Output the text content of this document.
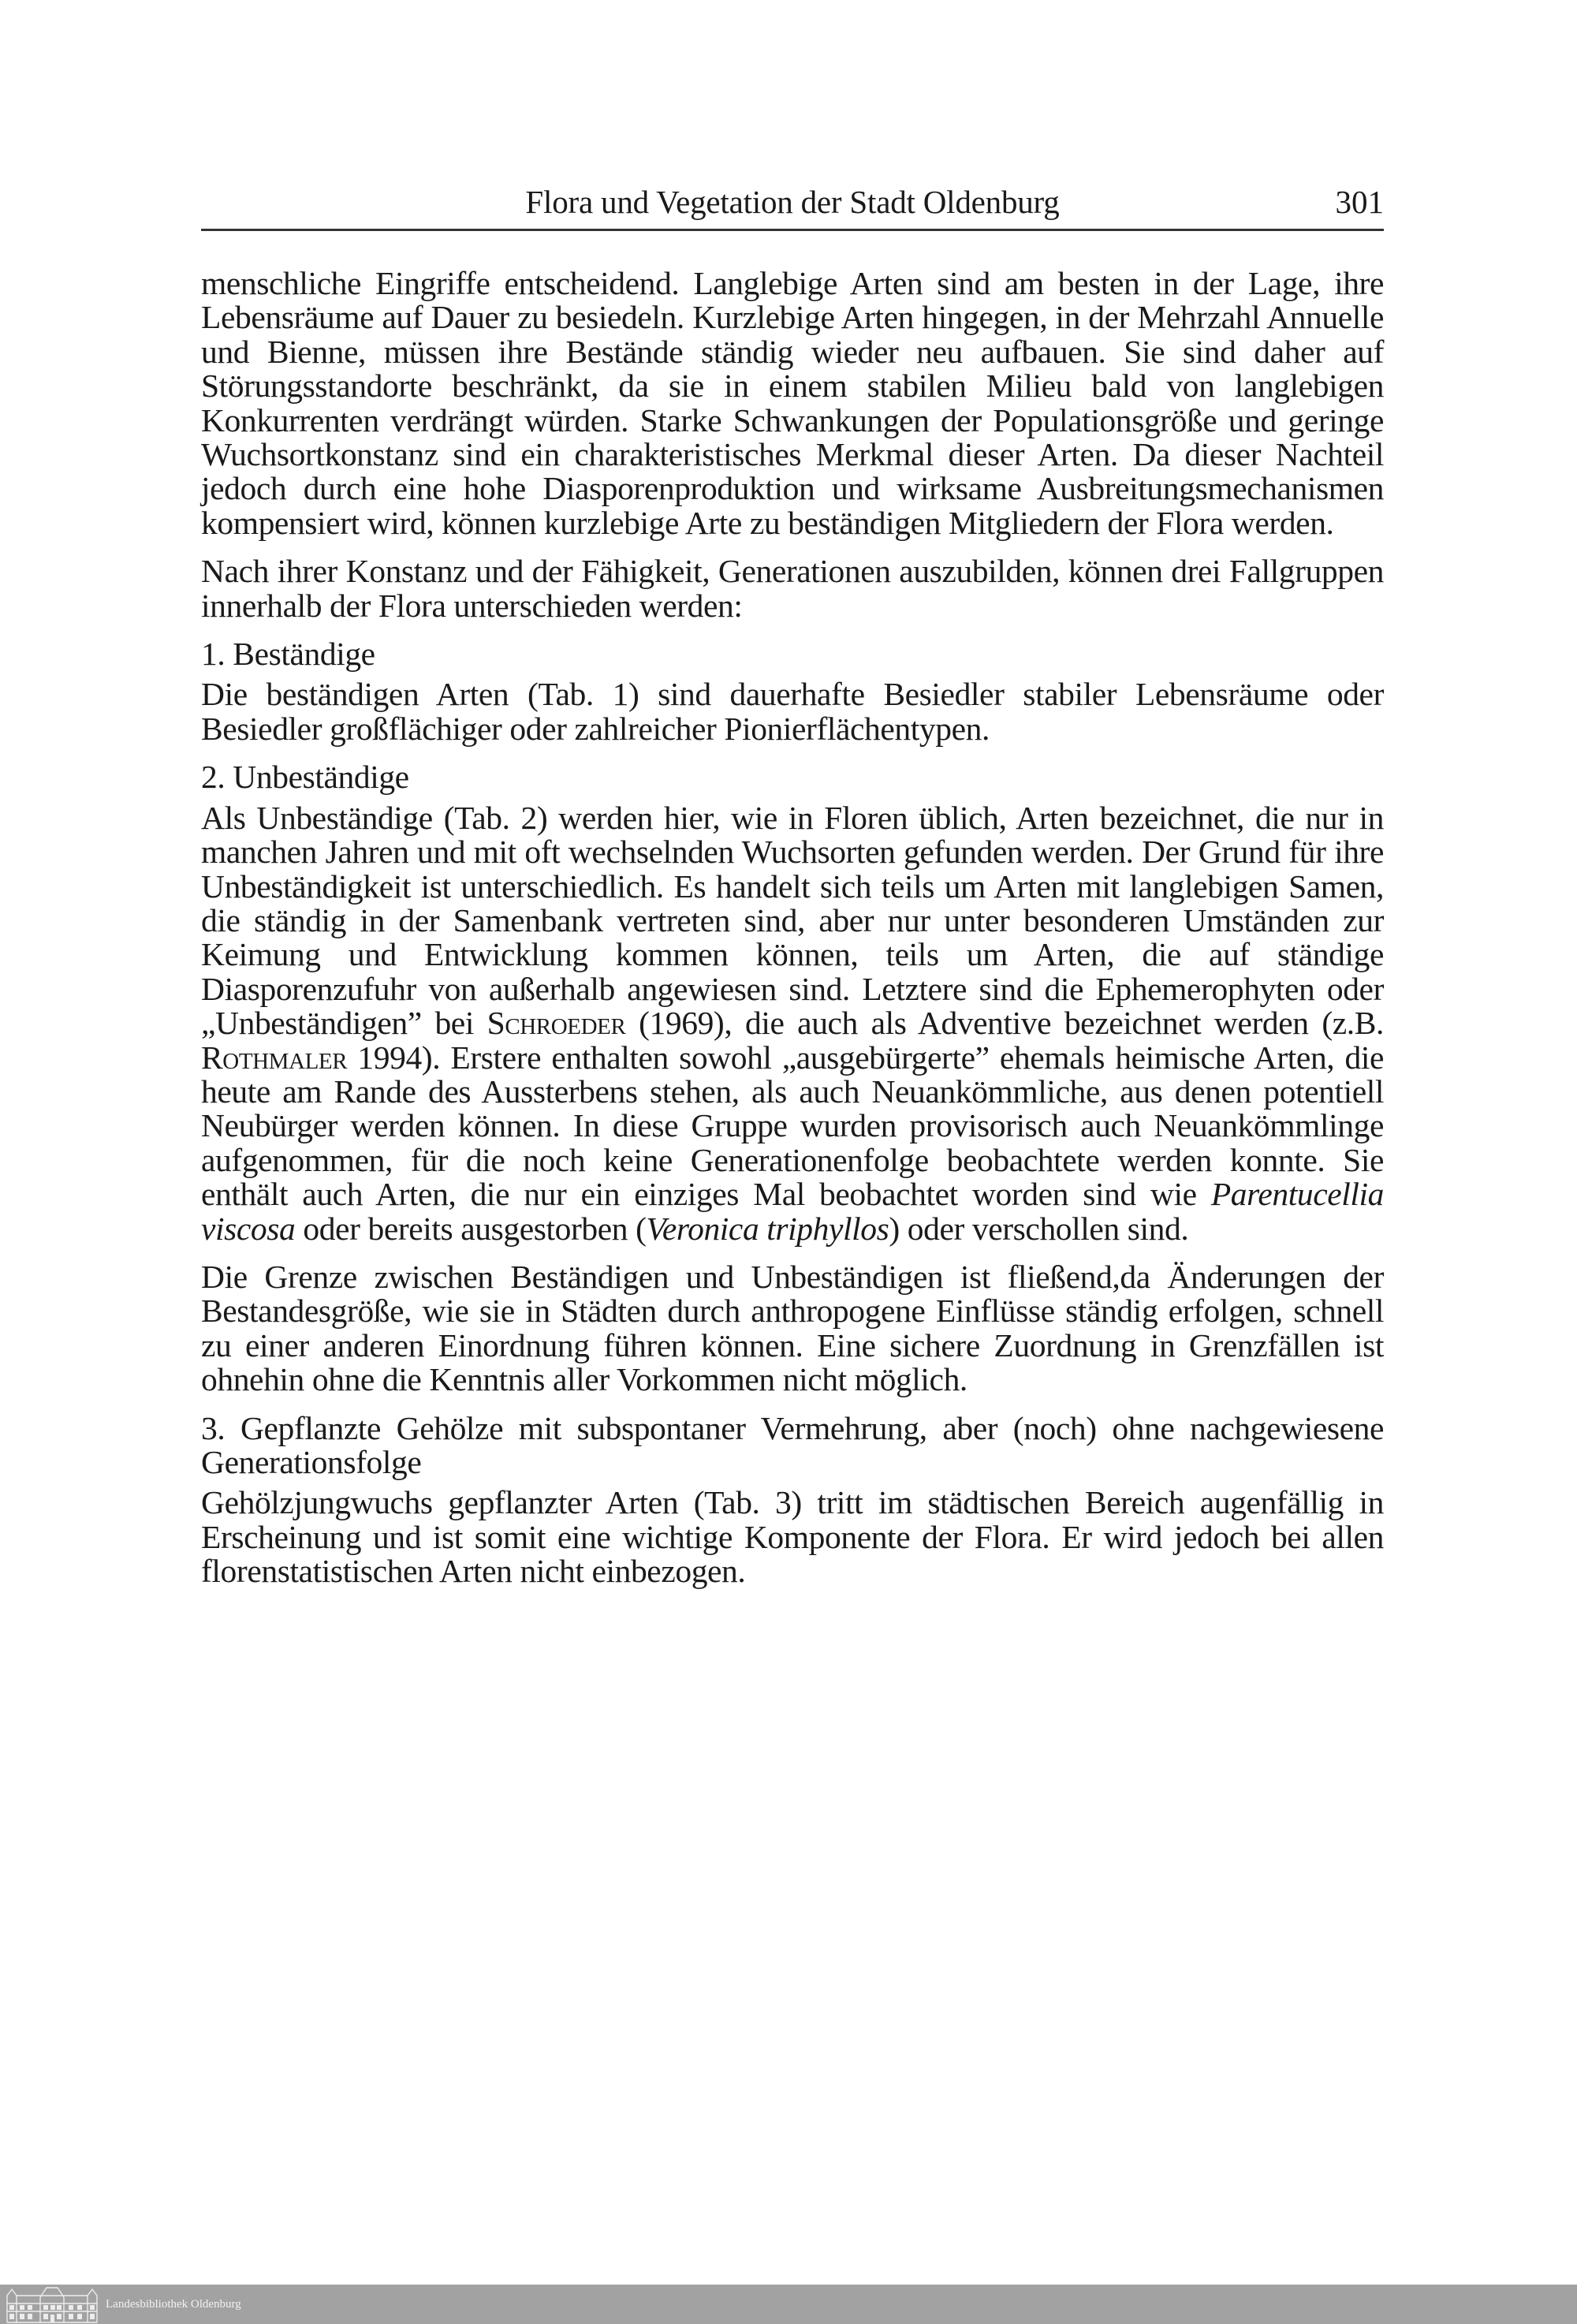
Flora und Vegetation der Stadt Oldenburg	301

menschliche Eingriffe entscheidend. Langlebige Arten sind am besten in der Lage, ihre Lebensräume auf Dauer zu besiedeln. Kurzlebige Arten hingegen, in der Mehrzahl Annuelle und Bienne, müssen ihre Bestände ständig wieder neu aufbauen. Sie sind daher auf Störungsstandorte beschränkt, da sie in einem stabilen Milieu bald von langlebigen Konkurrenten verdrängt würden. Starke Schwankungen der Populationsgröße und geringe Wuchsortkonstanz sind ein charakteristisches Merkmal dieser Arten. Da dieser Nachteil jedoch durch eine hohe Diasporenproduktion und wirksame Ausbreitungsmechanismen kompensiert wird, können kurzlebige Arte zu beständigen Mitgliedern der Flora werden.

Nach ihrer Konstanz und der Fähigkeit, Generationen auszubilden, können drei Fallgruppen innerhalb der Flora unterschieden werden:

1. Beständige

Die beständigen Arten (Tab. 1) sind dauerhafte Besiedler stabiler Lebensräume oder Besiedler großflächiger oder zahlreicher Pionierflächentypen.

2. Unbeständige

Als Unbeständige (Tab. 2) werden hier, wie in Floren üblich, Arten bezeichnet, die nur in manchen Jahren und mit oft wechselnden Wuchsorten gefunden werden. Der Grund für ihre Unbeständigkeit ist unterschiedlich. Es handelt sich teils um Arten mit langlebigen Samen, die ständig in der Samenbank vertreten sind, aber nur unter besonderen Umständen zur Keimung und Entwicklung kommen können, teils um Arten, die auf ständige Diasporenzufuhr von außerhalb angewiesen sind. Letztere sind die Ephemerophyten oder „Unbeständigen” bei Schroeder (1969), die auch als Adventive bezeichnet werden (z.B. Rothmaler 1994). Erstere enthalten sowohl „ausgebürgerte” ehemals heimische Arten, die heute am Rande des Aussterbens stehen, als auch Neuankömmliche, aus denen potentiell Neubürger werden können. In diese Gruppe wurden provisorisch auch Neuankömmlinge aufgenommen, für die noch keine Generationenfolge beobachtete werden konnte. Sie enthält auch Arten, die nur ein einziges Mal beobachtet worden sind wie Parentucellia viscosa oder bereits ausgestorben (Veronica triphyllos) oder verschollen sind.

Die Grenze zwischen Beständigen und Unbeständigen ist fließend,da Änderungen der Bestandesgröße, wie sie in Städten durch anthropogene Einflüsse ständig erfolgen, schnell zu einer anderen Einordnung führen können. Eine sichere Zuordnung in Grenzfällen ist ohnehin ohne die Kenntnis aller Vorkommen nicht möglich.

3. Gepflanzte Gehölze mit subspontaner Vermehrung, aber (noch) ohne nachgewiesene Generationsfolge

Gehölzjungwuchs gepflanzter Arten (Tab. 3) tritt im städtischen Bereich augenfällig in Erscheinung und ist somit eine wichtige Komponente der Flora. Er wird jedoch bei allen florenstatistischen Arten nicht einbezogen.

Landesbibliothek Oldenburg
